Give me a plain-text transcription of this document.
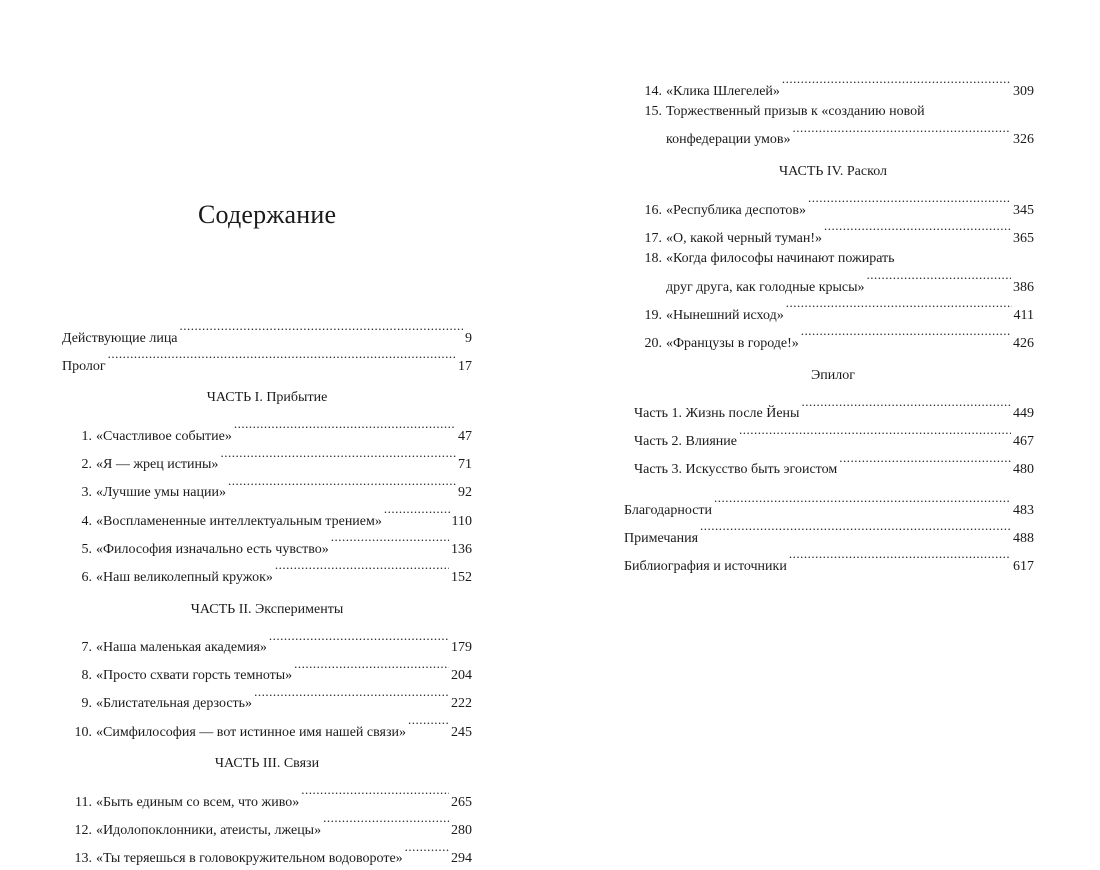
Содержание
Действующие лица .....	9
Пролог .....	17
ЧАСТЬ I. Прибытие
1. «Счастливое событие» .....	47
2. «Я — жрец истины» .....	71
3. «Лучшие умы нации» .....	92
4. «Воспламененные интеллектуальным трением» .....	110
5. «Философия изначально есть чувство» .....	136
6. «Наш великолепный кружок» .....	152
ЧАСТЬ II. Эксперименты
7. «Наша маленькая академия» .....	179
8. «Просто схвати горсть темноты» .....	204
9. «Блистательная дерзость» .....	222
10. «Симфилософия — вот истинное имя нашей связи» .....	245
ЧАСТЬ III. Связи
11. «Быть единым со всем, что живо» .....	265
12. «Идолопоклонники, атеисты, лжецы» .....	280
13. «Ты теряешься в головокружительном водовороте» .....	294
14. «Клика Шлегелей» .....	309
15. Торжественный призыв к «созданию новой
конфедерации умов» .....	326
ЧАСТЬ IV. Раскол
16. «Республика деспотов» .....	345
17. «О, какой черный туман!» .....	365
18. «Когда философы начинают пожирать
друг друга, как голодные крысы» .....	386
19. «Нынешний исход» .....	411
20. «Французы в городе!» .....	426
Эпилог
Часть 1. Жизнь после Йены .....	449
Часть 2. Влияние .....	467
Часть 3. Искусство быть эгоистом .....	480
Благодарности .....	483
Примечания .....	488
Библиография и источники .....	617
